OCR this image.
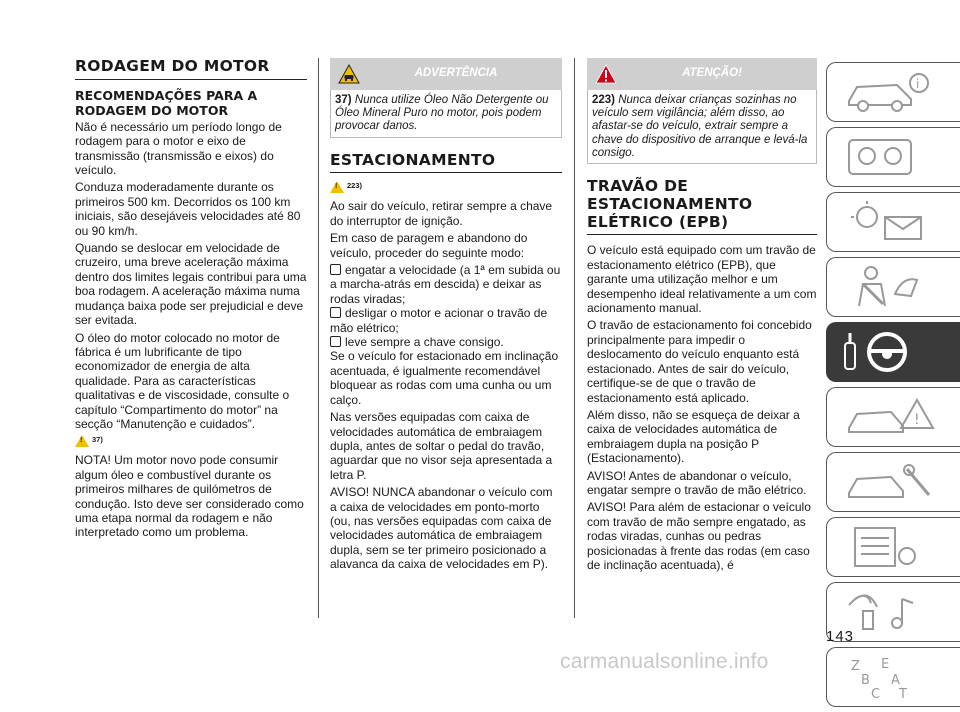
RODAGEM DO MOTOR
RECOMENDAÇÕES PARA A RODAGEM DO MOTOR

Não é necessário um período longo de rodagem para o motor e eixo de transmissão (transmissão e eixos) do veículo.

Conduza moderadamente durante os primeiros 500 km. Decorridos os 100 km iniciais, são desejáveis velocidades até 80 ou 90 km/h.

Quando se deslocar em velocidade de cruzeiro, uma breve aceleração máxima dentro dos limites legais contribui para uma boa rodagem. A aceleração máxima numa mudança baixa pode ser prejudicial e deve ser evitada.

O óleo do motor colocado no motor de fábrica é um lubrificante de tipo economizador de energia de alta qualidade. Para as características qualitativas e de viscosidade, consulte o capítulo “Compartimento do motor” na secção “Manutenção e cuidados”.

! 37)

NOTA! Um motor novo pode consumir algum óleo e combustível durante os primeiros milhares de quilómetros de condução. Isto deve ser considerado como uma etapa normal da rodagem e não interpretado como um problema.

ADVERTÊNCIA
37) Nunca utilize Óleo Não Detergente ou Óleo Mineral Puro no motor, pois podem provocar danos.
ESTACIONAMENTO
! 223)

Ao sair do veículo, retirar sempre a chave do interruptor de ignição.

Em caso de paragem e abandono do veículo, proceder do seguinte modo:

engatar a velocidade (a 1ª em subida ou a marcha-atrás em descida) e deixar as rodas viradas;
desligar o motor e acionar o travão de mão elétrico;
leve sempre a chave consigo.

Se o veículo for estacionado em inclinação acentuada, é igualmente recomendável bloquear as rodas com uma cunha ou um calço.

Nas versões equipadas com caixa de velocidades automática de embraiagem dupla, antes de soltar o pedal do travão, aguardar que no visor seja apresentada a letra P.

AVISO! NUNCA abandonar o veículo com a caixa de velocidades em ponto-morto (ou, nas versões equipadas com caixa de velocidades automática de embraiagem dupla, sem se ter primeiro posicionado a alavanca da caixa de velocidades em P).

ATENÇÃO!
223) Nunca deixar crianças sozinhas no veículo sem vigilância; além disso, ao afastar-se do veículo, extrair sempre a chave do dispositivo de arranque e levá-la consigo.
TRAVÃO DE ESTACIONAMENTO ELÉTRICO (EPB)

O veículo está equipado com um travão de estacionamento elétrico (EPB), que garante uma utilização melhor e um desempenho ideal relativamente a um com acionamento manual.

O travão de estacionamento foi concebido principalmente para impedir o deslocamento do veículo enquanto está estacionado. Antes de sair do veículo, certifique-se de que o travão de estacionamento está aplicado.

Além disso, não se esqueça de deixar a caixa de velocidades automática de embraiagem dupla na posição P (Estacionamento).

AVISO! Antes de abandonar o veículo, engatar sempre o travão de mão elétrico.

AVISO! Para além de estacionar o veículo com travão de mão sempre engatado, as rodas viradas, cunhas ou pedras posicionadas à frente das rodas (em caso de inclinação acentuada), é

i
!
Z E
B A
C T
143
carmanualsonline.info
